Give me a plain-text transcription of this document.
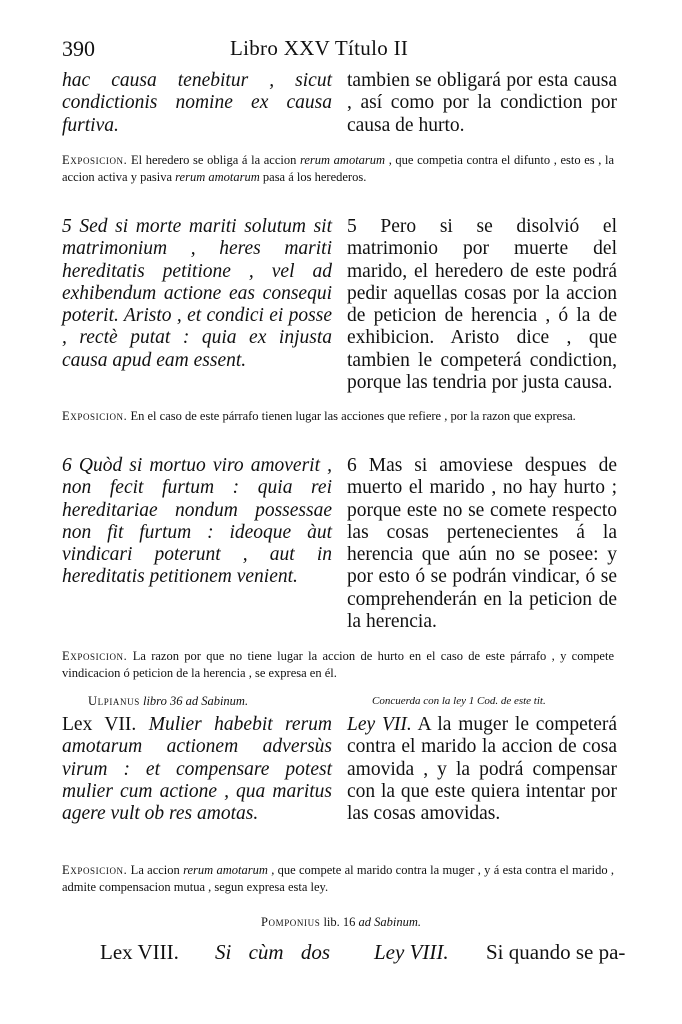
390	Libro XXV Título II

hac causa tenebitur , sicut condictionis nomine ex causa furtiva.

tambien se obligará por esta causa , así como por la condiction por causa de hurto.

Exposicion. El heredero se obliga á la accion rerum amotarum , que competia contra el difunto , esto es , la accion activa y pasiva rerum amotarum pasa á los herederos.

5 Sed si morte mariti solutum sit matrimonium , heres mariti hereditatis petitione , vel ad exhibendum actione eas consequi poterit. Aristo , et condici ei posse , rectè putat : quia ex injusta causa apud eam essent.

5 Pero si se disolvió el matrimonio por muerte del marido, el heredero de este podrá pedir aquellas cosas por la accion de peticion de herencia , ó la de exhibicion. Aristo dice , que tambien le competerá condiction, porque las tendria por justa causa.

Exposicion. En el caso de este párrafo tienen lugar las acciones que refiere , por la razon que expresa.

6 Quòd si mortuo viro amoverit , non fecit furtum : quia rei hereditariae nondum possessae non fit furtum : ideoque àut vindicari poterunt , aut in hereditatis petitionem venient.

6 Mas si amoviese despues de muerto el marido , no hay hurto ; porque este no se comete respecto las cosas pertenecientes á la herencia que aún no se posee: y por esto ó se podrán vindicar, ó se comprehenderán en la peticion de la herencia.

Exposicion. La razon por que no tiene lugar la accion de hurto en el caso de este párrafo , y compete vindicacion ó peticion de la herencia , se expresa en él.

Ulpianus libro 36 ad Sabinum.	Concuerda con la ley 1 Cod. de este tit.

Lex VII. Mulier habebit rerum amotarum actionem adversùs virum : et compensare potest mulier cum actione , qua maritus agere vult ob res amotas.

Ley VII. A la muger le competerá contra el marido la accion de cosa amovida , y la podrá compensar con la que este quiera intentar por las cosas amovidas.

Exposicion. La accion rerum amotarum , que compete al marido contra la muger , y á esta contra el marido , admite compensacion mutua , segun expresa esta ley.

Pomponius lib. 16 ad Sabinum.
Lex VIII. Si cùm dos Ley VIII. Si quando se pa-
